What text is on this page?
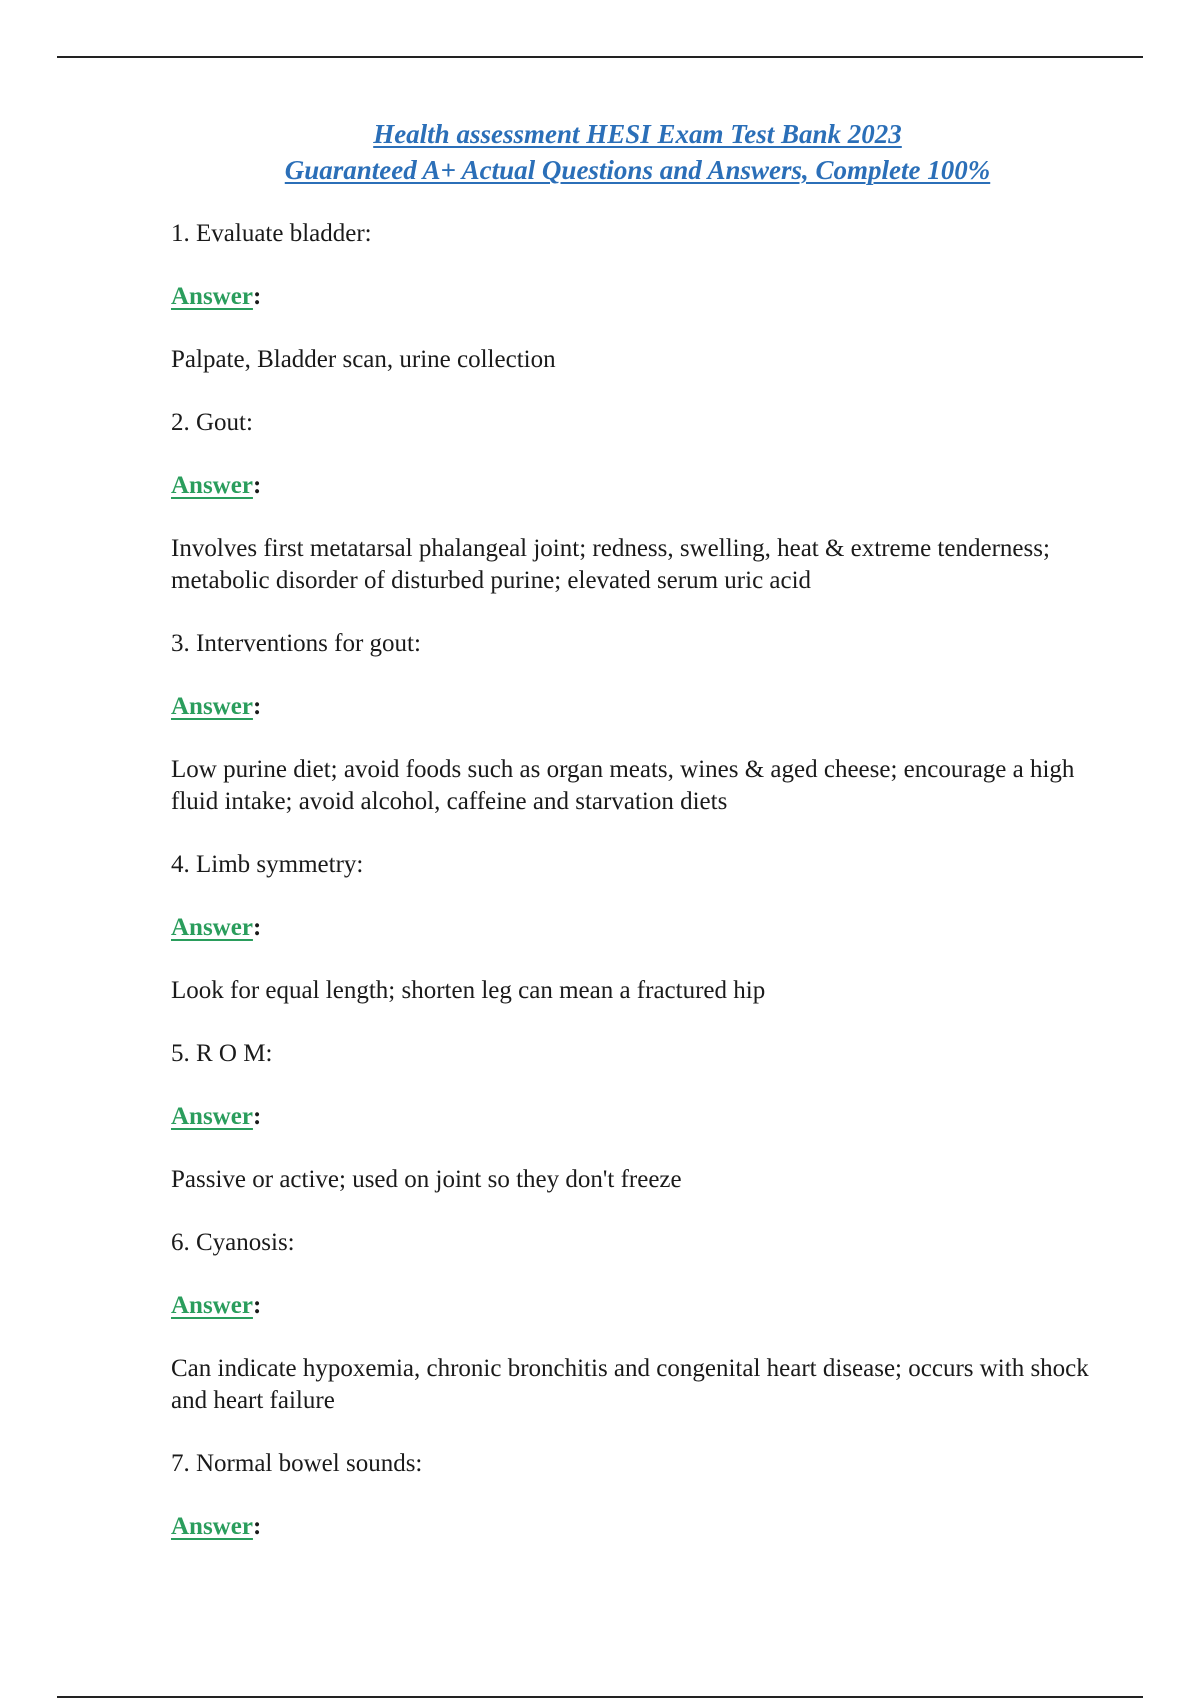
Health assessment HESI Exam Test Bank 2023
Guaranteed A+ Actual Questions and Answers, Complete 100%

1. Evaluate bladder:

Answer:

Palpate, Bladder scan, urine collection

2. Gout:

Answer:

Involves first metatarsal phalangeal joint; redness, swelling, heat & extreme tenderness; metabolic disorder of disturbed purine; elevated serum uric acid

3. Interventions for gout:

Answer:

Low purine diet; avoid foods such as organ meats, wines & aged cheese; encourage a high fluid intake; avoid alcohol, caffeine and starvation diets

4. Limb symmetry:

Answer:

Look for equal length; shorten leg can mean a fractured hip

5. R O M:

Answer:

Passive or active; used on joint so they don't freeze

6. Cyanosis:

Answer:

Can indicate hypoxemia, chronic bronchitis and congenital heart disease; occurs with shock and heart failure

7. Normal bowel sounds:

Answer:
